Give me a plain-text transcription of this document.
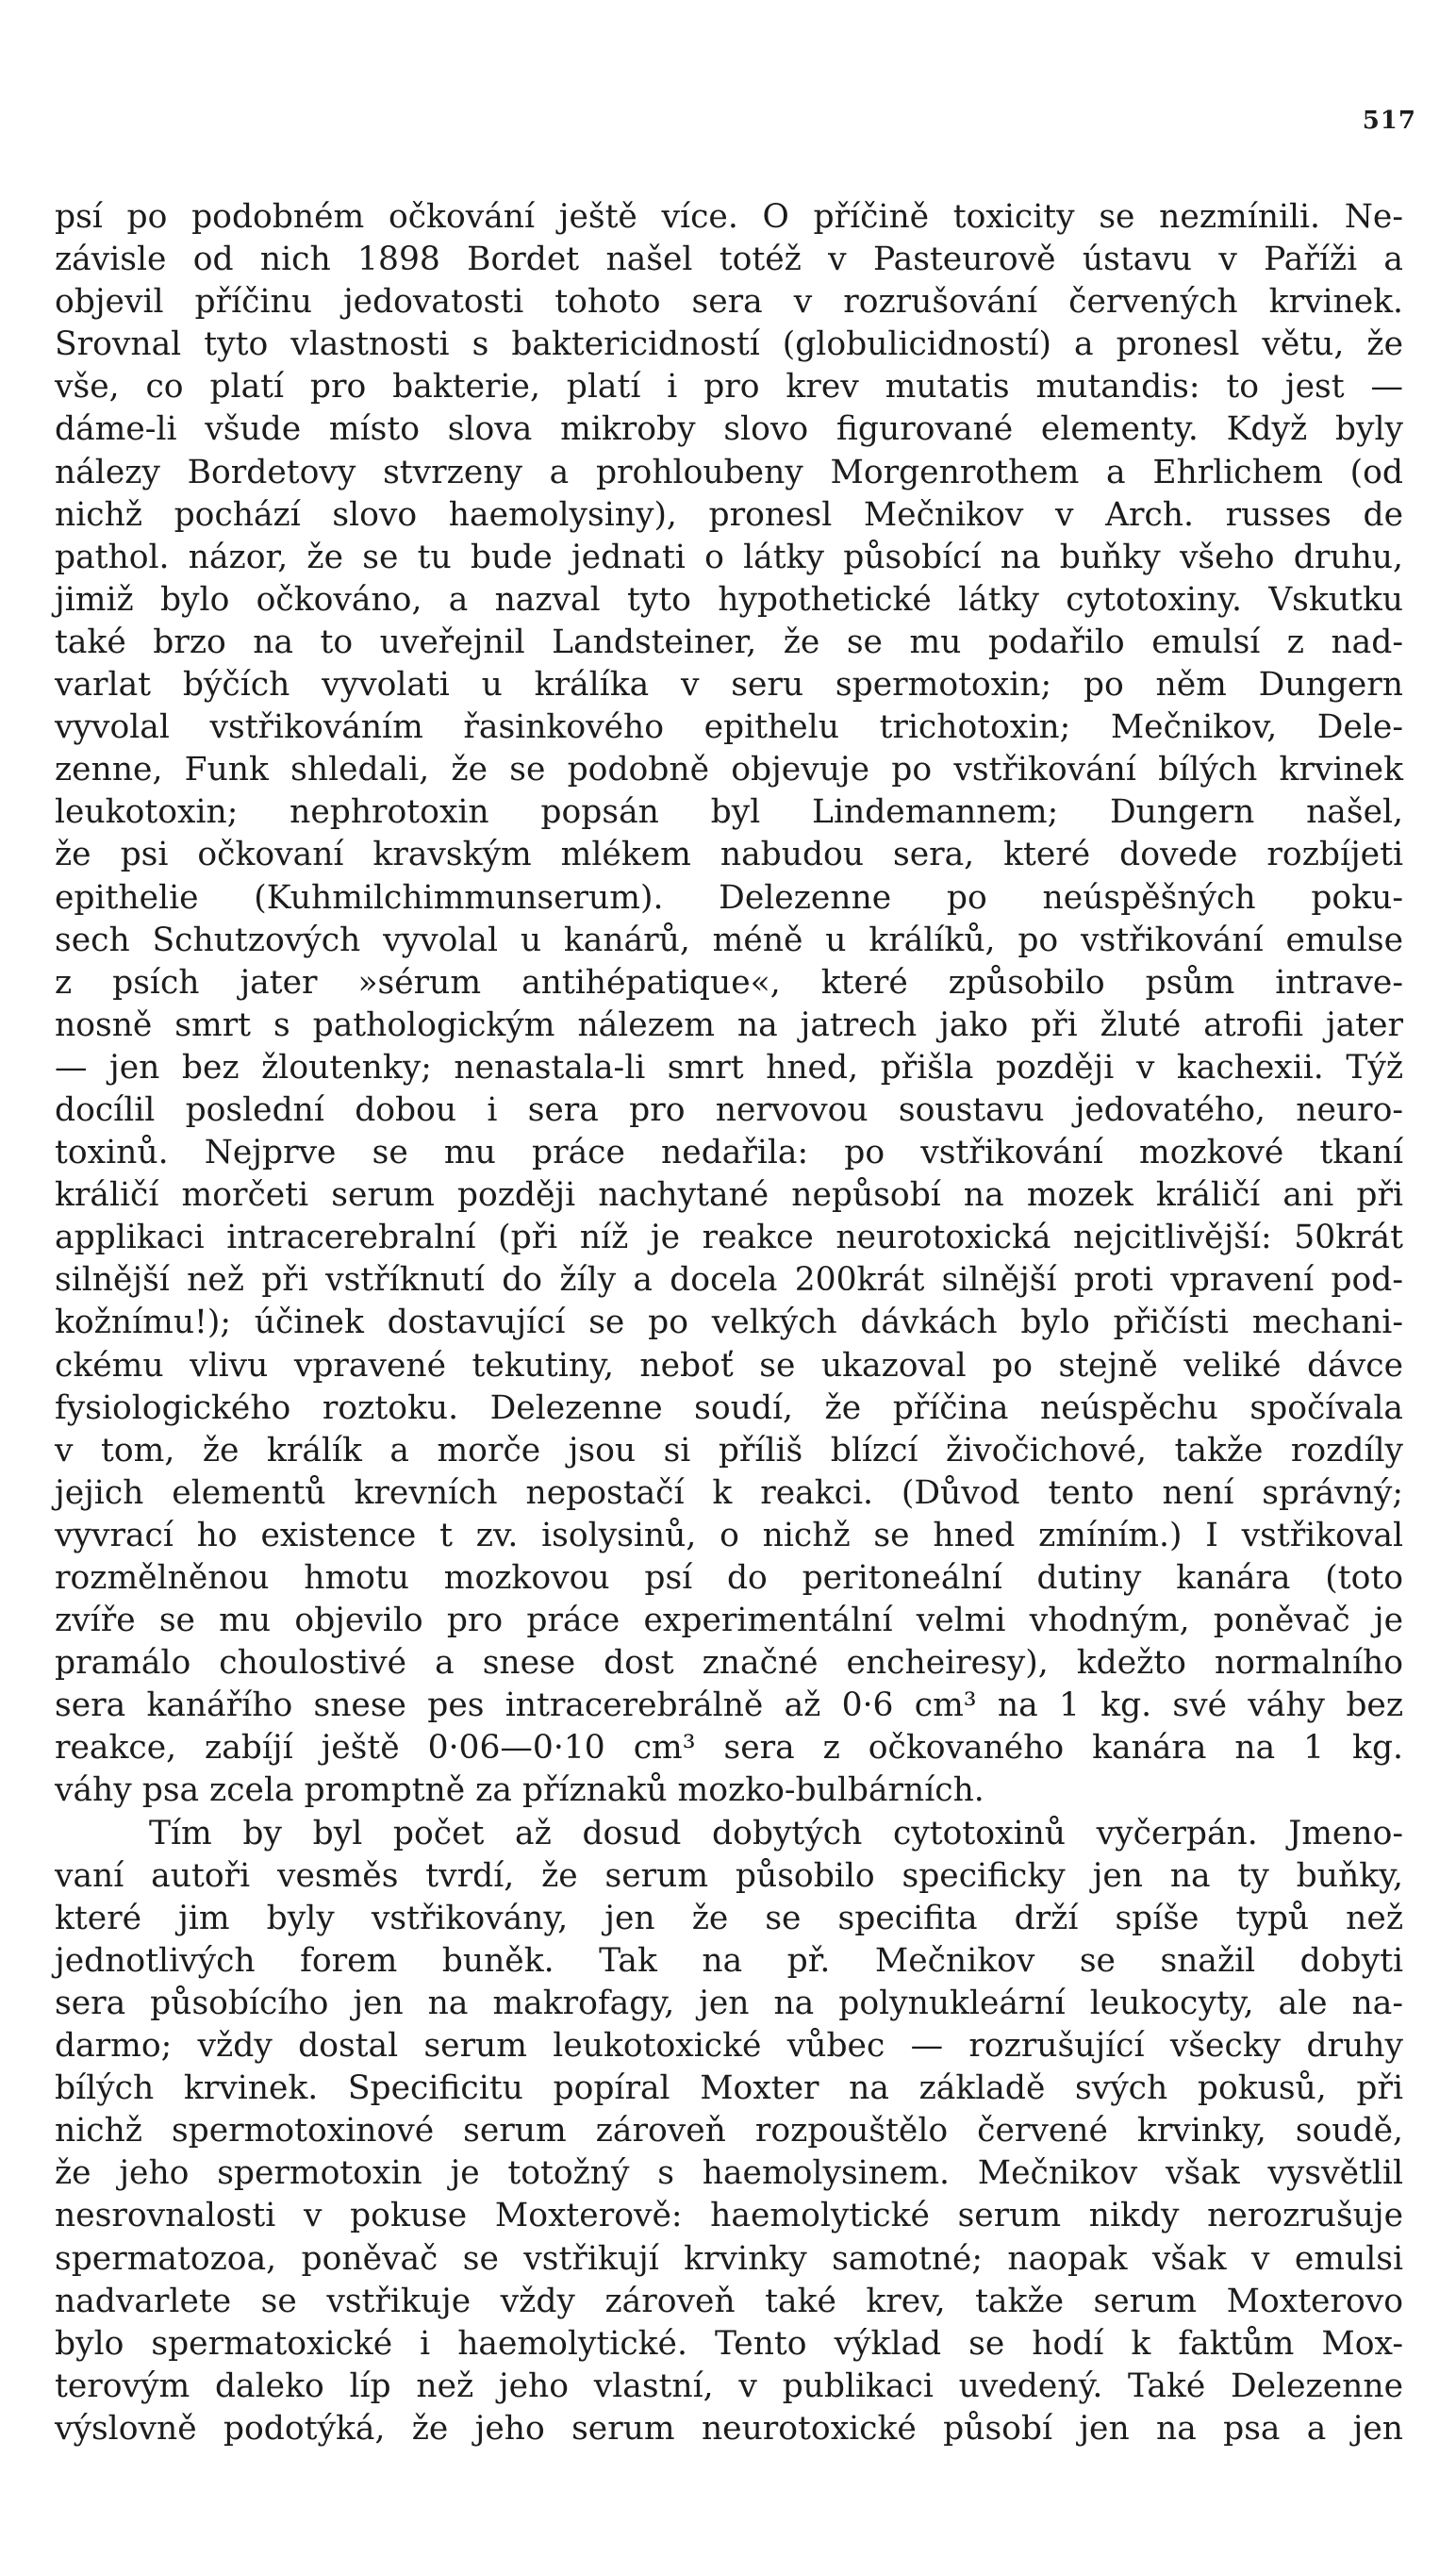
517
psí po podobném očkování ještě více. O příčině toxicity se nezmínili. Ne-
závisle od nich 1898 Bordet našel totéž v Pasteurově ústavu v Paříži a
objevil příčinu jedovatosti tohoto sera v rozrušování červených krvinek.
Srovnal tyto vlastnosti s baktericidností (globulicidností) a pronesl větu, že
vše, co platí pro bakterie, platí i pro krev mutatis mutandis: to jest —
dáme-li všude místo slova mikroby slovo figurované elementy. Když byly
nálezy Bordetovy stvrzeny a prohloubeny Morgenrothem a Ehrlichem (od
nichž pochází slovo haemolysiny), pronesl Mečnikov v Arch. russes de
pathol. názor, že se tu bude jednati o látky působící na buňky všeho druhu,
jimiž bylo očkováno, a nazval tyto hypothetické látky cytotoxiny. Vskutku
také brzo na to uveřejnil Landsteiner, že se mu podařilo emulsí z nad-
varlat býčích vyvolati u králíka v seru spermotoxin; po něm Dungern
vyvolal vstřikováním řasinkového epithelu trichotoxin; Mečnikov, Dele-
zenne, Funk shledali, že se podobně objevuje po vstřikování bílých krvinek
leukotoxin; nephrotoxin popsán byl Lindemannem; Dungern našel,
že psi očkovaní kravským mlékem nabudou sera, které dovede rozbíjeti
epithelie (Kuhmilchimmunserum). Delezenne po neúspěšných poku-
sech Schutzových vyvolal u kanárů, méně u králíků, po vstřikování emulse
z psích jater »sérum antihépatique«, které způsobilo psům intrave-
nosně smrt s pathologickým nálezem na jatrech jako při žluté atrofii jater
— jen bez žloutenky; nenastala-li smrt hned, přišla později v kachexii. Týž
docílil poslední dobou i sera pro nervovou soustavu jedovatého, neuro-
toxinů. Nejprve se mu práce nedařila: po vstřikování mozkové tkaní
králičí morčeti serum později nachytané nepůsobí na mozek králičí ani při
applikaci intracerebralní (při níž je reakce neurotoxická nejcitlivější: 50krát
silnější než při vstříknutí do žíly a docela 200krát silnější proti vpravení pod-
kožnímu!); účinek dostavující se po velkých dávkách bylo přičísti mechani-
ckému vlivu vpravené tekutiny, neboť se ukazoval po stejně veliké dávce
fysiologického roztoku. Delezenne soudí, že příčina neúspěchu spočívala
v tom, že králík a morče jsou si příliš blízcí živočichové, takže rozdíly
jejich elementů krevních nepostačí k reakci. (Důvod tento není správný;
vyvrací ho existence t zv. isolysinů, o nichž se hned zmíním.) I vstřikoval
rozmělněnou hmotu mozkovou psí do peritoneální dutiny kanára (toto
zvíře se mu objevilo pro práce experimentální velmi vhodným, poněvač je
pramálo choulostivé a snese dost značné encheiresy), kdežto normalního
sera kanářího snese pes intracerebrálně až 0·6 cm³ na 1 kg. své váhy bez
reakce, zabíjí ještě 0·06—0·10 cm³ sera z očkovaného kanára na 1 kg.
váhy psa zcela promptně za příznaků mozko-bulbárních.
Tím by byl počet až dosud dobytých cytotoxinů vyčerpán. Jmeno-
vaní autoři vesměs tvrdí, že serum působilo specificky jen na ty buňky,
které jim byly vstřikovány, jen že se specifita drží spíše typů než
jednotlivých forem buněk. Tak na př. Mečnikov se snažil dobyti
sera působícího jen na makrofagy, jen na polynukleární leukocyty, ale na-
darmo; vždy dostal serum leukotoxické vůbec — rozrušující všecky druhy
bílých krvinek. Specificitu popíral Moxter na základě svých pokusů, při
nichž spermotoxinové serum zároveň rozpouštělo červené krvinky, soudě,
že jeho spermotoxin je totožný s haemolysinem. Mečnikov však vysvětlil
nesrovnalosti v pokuse Moxterově: haemolytické serum nikdy nerozrušuje
spermatozoa, poněvač se vstřikují krvinky samotné; naopak však v emulsi
nadvarlete se vstřikuje vždy zároveň také krev, takže serum Moxterovo
bylo spermatoxické i haemolytické. Tento výklad se hodí k faktům Mox-
terovým daleko líp než jeho vlastní, v publikaci uvedený. Také Delezenne
výslovně podotýká, že jeho serum neurotoxické působí jen na psa a jen
